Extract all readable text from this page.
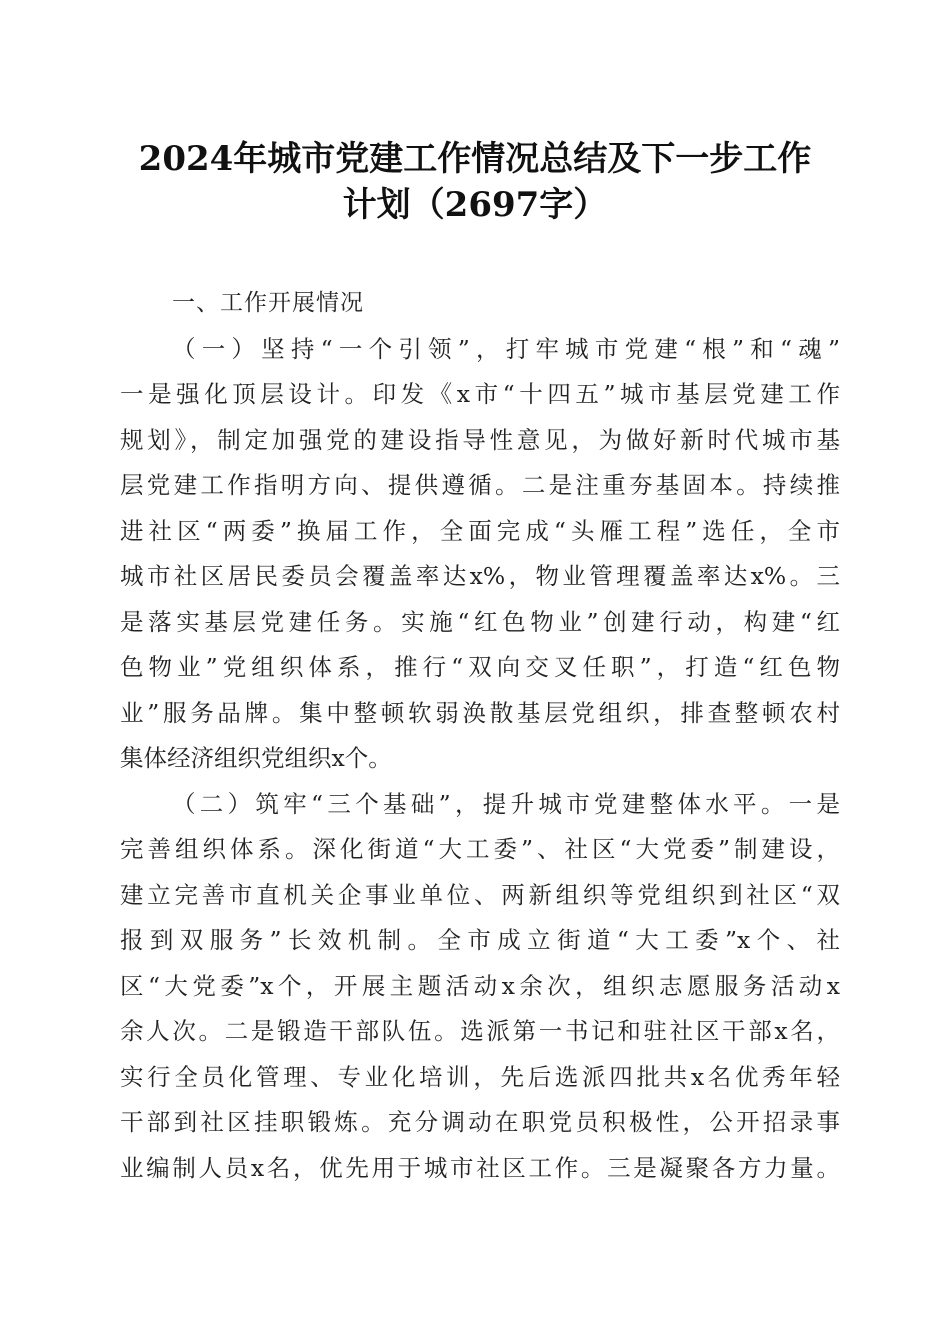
2024年城市党建工作情况总结及下一步工作
计划（2697字）
一、工作开展情况
（一）坚持“一个引领”，打牢城市党建“根”和“魂”
一是强化顶层设计。印发《x市“十四五”城市基层党建工作
规划》，制定加强党的建设指导性意见，为做好新时代城市基
层党建工作指明方向、提供遵循。二是注重夯基固本。持续推
进社区“两委”换届工作，全面完成“头雁工程”选任，全市
城市社区居民委员会覆盖率达x%，物业管理覆盖率达x%。三
是落实基层党建任务。实施“红色物业”创建行动，构建“红
色物业”党组织体系，推行“双向交叉任职”，打造“红色物
业”服务品牌。集中整顿软弱涣散基层党组织，排查整顿农村
集体经济组织党组织x个。
（二）筑牢“三个基础”，提升城市党建整体水平。一是
完善组织体系。深化街道“大工委”、社区“大党委”制建设，
建立完善市直机关企事业单位、两新组织等党组织到社区“双
报到双服务”长效机制。全市成立街道“大工委”x个、社
区“大党委”x个，开展主题活动x余次，组织志愿服务活动x
余人次。二是锻造干部队伍。选派第一书记和驻社区干部x名，
实行全员化管理、专业化培训，先后选派四批共x名优秀年轻
干部到社区挂职锻炼。充分调动在职党员积极性，公开招录事
业编制人员x名，优先用于城市社区工作。三是凝聚各方力量。
